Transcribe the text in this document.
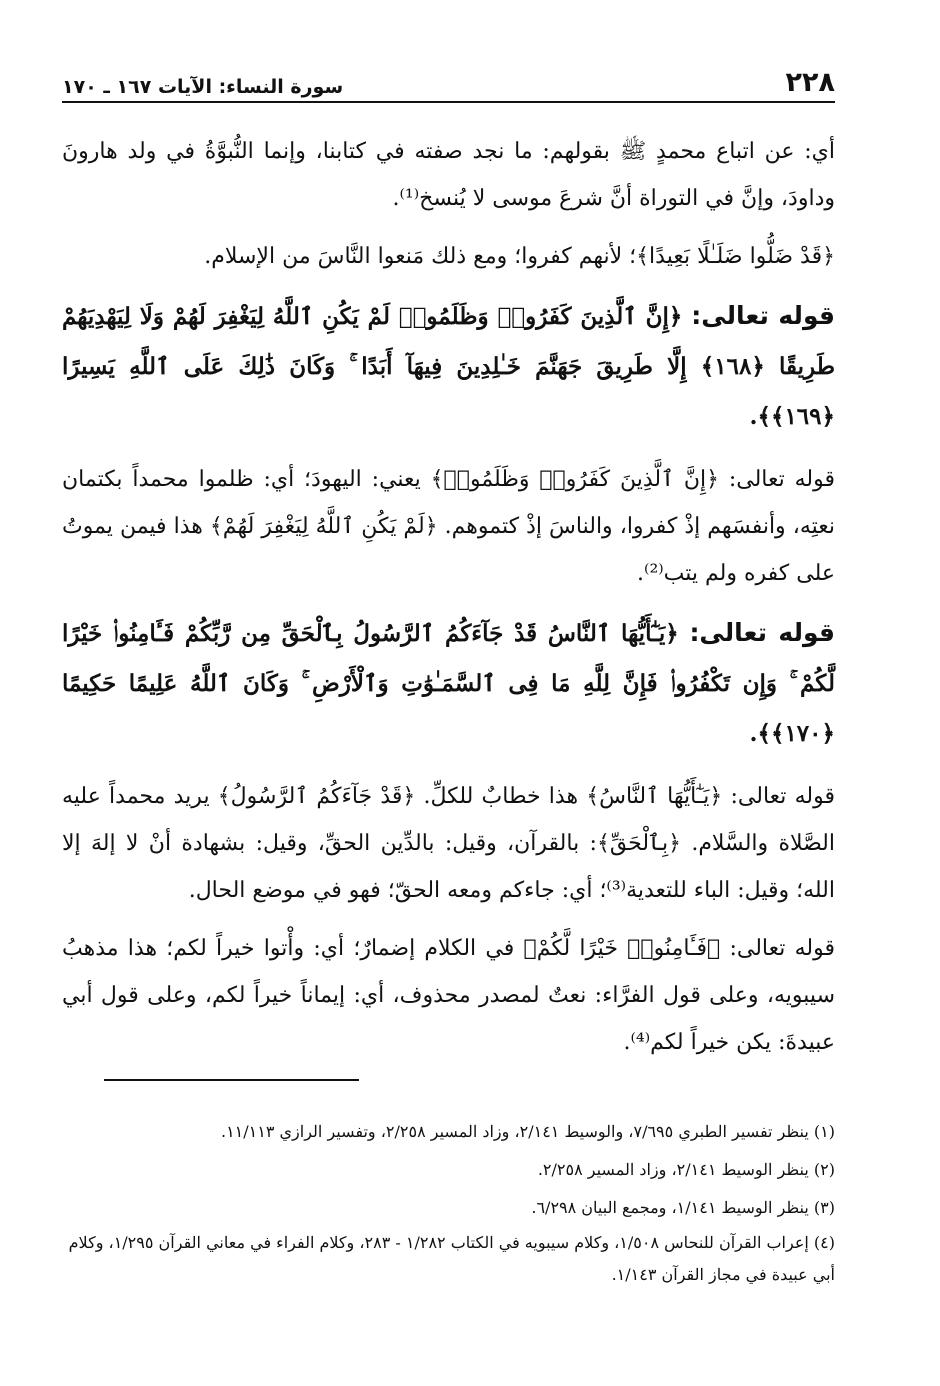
٢٢٨
سورة النساء: الآيات ١٦٧ ـ ١٧٠

أي: عن اتباع محمدٍ ﷺ بقولهم: ما نجد صفته في كتابنا، وإنما النُّبوَّةُ في ولد هارونَ وداودَ، وإنَّ في التوراة أنَّ شرعَ موسى لا يُنسخ⁽¹⁾.

﴿قَدْ ضَلُّوا ضَلَـٰلًا بَعِيدًا﴾؛ لأنهم كفروا؛ ومع ذلك مَنعوا النَّاسَ من الإسلام.

قوله تعالى: ﴿إِنَّ ٱلَّذِينَ كَفَرُوا۟ وَظَلَمُوا۟ لَمْ يَكُنِ ٱللَّهُ لِيَغْفِرَ لَهُمْ وَلَا لِيَهْدِيَهُمْ طَرِيقًا ﴿١٦٨﴾ إِلَّا طَرِيقَ جَهَنَّمَ خَـٰلِدِينَ فِيهَآ أَبَدًا ۚ وَكَانَ ذَٰلِكَ عَلَى ٱللَّهِ يَسِيرًا ﴿١٦٩﴾﴾.

قوله تعالى: ﴿إِنَّ ٱلَّذِينَ كَفَرُوا۟ وَظَلَمُوا۟﴾ يعني: اليهودَ؛ أي: ظلموا محمداً بكتمان نعتِه، وأنفسَهم إذْ كفروا، والناسَ إذْ كتموهم. ﴿لَمْ يَكُنِ ٱللَّهُ لِيَغْفِرَ لَهُمْ﴾ هذا فيمن يموتُ على كفره ولم يتب⁽²⁾.

قوله تعالى: ﴿يَـٰٓأَيُّهَا ٱلنَّاسُ قَدْ جَآءَكُمُ ٱلرَّسُولُ بِٱلْحَقِّ مِن رَّبِّكُمْ فَـَٔامِنُوا۟ خَيْرًا لَّكُمْ ۚ وَإِن تَكْفُرُوا۟ فَإِنَّ لِلَّهِ مَا فِى ٱلسَّمَـٰوَٰتِ وَٱلْأَرْضِ ۚ وَكَانَ ٱللَّهُ عَلِيمًا حَكِيمًا ﴿١٧٠﴾﴾.

قوله تعالى: ﴿يَـٰٓأَيُّهَا ٱلنَّاسُ﴾ هذا خطابٌ للكلِّ. ﴿قَدْ جَآءَكُمُ ٱلرَّسُولُ﴾ يريد محمداً عليه الصَّلاة والسَّلام. ﴿بِٱلْحَقِّ﴾: بالقرآن، وقيل: بالدِّين الحقِّ، وقيل: بشهادة أنْ لا إلهَ إلا الله؛ وقيل: الباء للتعدية⁽³⁾؛ أي: جاءكم ومعه الحقّ؛ فهو في موضع الحال.

قوله تعالى: ﴿فَـَٔامِنُوا۟ خَيْرًا لَّكُمْ﴾ في الكلام إضمارٌ؛ أي: وأْتوا خيراً لكم؛ هذا مذهبُ سيبويه، وعلى قول الفرَّاء: نعتٌ لمصدر محذوف، أي: إيماناً خيراً لكم، وعلى قول أبي عبيدةَ: يكن خيراً لكم⁽⁴⁾.

(١) ينظر تفسير الطبري ٧/٦٩٥، والوسيط ٢/١٤١، وزاد المسير ٢/٢٥٨، وتفسير الرازي ١١/١١٣.

(٢) ينظر الوسيط ٢/١٤١، وزاد المسير ٢/٢٥٨.

(٣) ينظر الوسيط ١/١٤١، ومجمع البيان ٦/٢٩٨.

(٤) إعراب القرآن للنحاس ١/٥٠٨، وكلام سيبويه في الكتاب ١/٢٨٢ - ٢٨٣، وكلام الفراء في معاني القرآن ١/٢٩٥، وكلام أبي عبيدة في مجاز القرآن ١/١٤٣.
